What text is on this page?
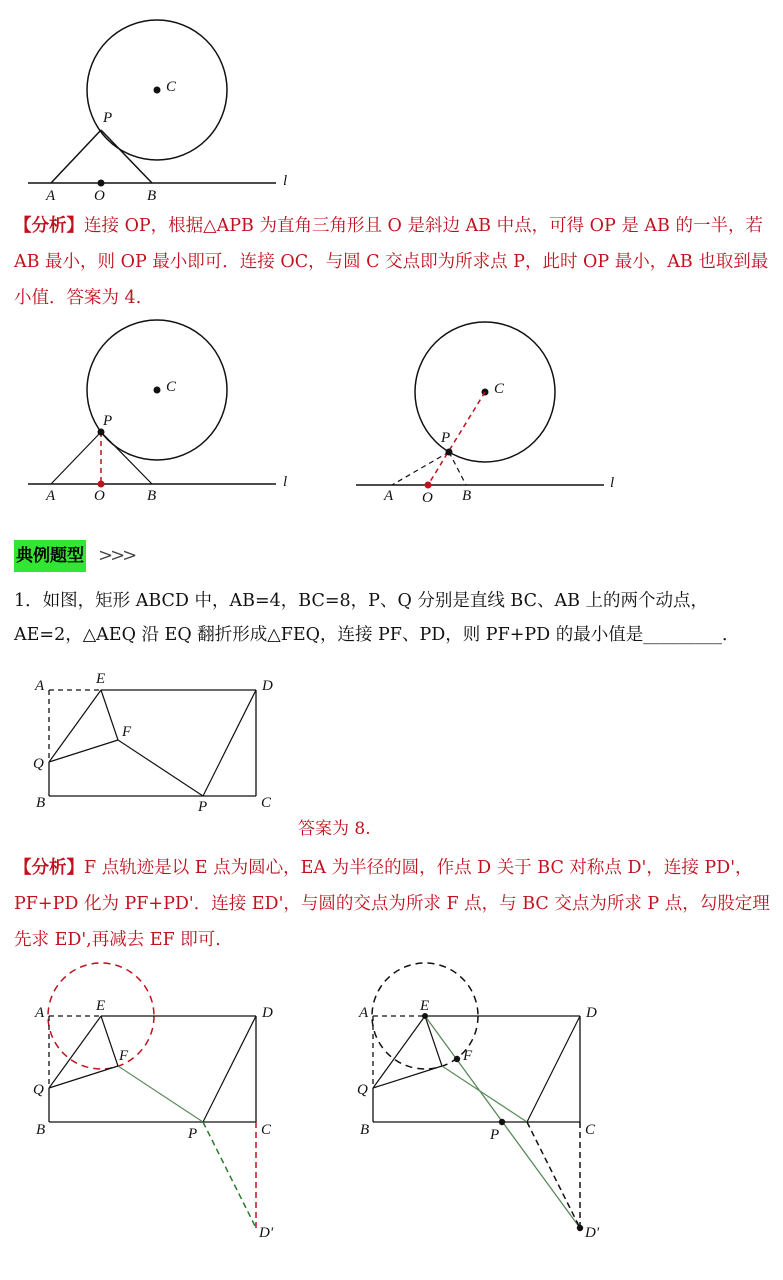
C
P
A	O	B
l
【分析】连接 OP，根据△APB 为直角三角形且 O 是斜边 AB 中点，可得 OP 是 AB 的一半，若 AB 最小，则 OP 最小即可．连接 OC，与圆 C 交点即为所求点 P，此时 OP 最小，AB 也取到最小值．答案为 4.
C
P
A	O	B
l
C
P
A O B
l
典例题型 >>>
1．如图，矩形 ABCD 中，AB=4，BC=8，P、Q 分别是直线 BC、AB 上的两个动点，AE=2，△AEQ 沿 EQ 翻折形成△FEQ，连接 PF、PD，则 PF+PD 的最小值是_________．
A	E	D
F
Q
B	P	C
答案为 8.
【分析】F 点轨迹是以 E 点为圆心，EA 为半径的圆，作点 D 关于 BC 对称点 D'，连接 PD'，PF+PD 化为 PF+PD'．连接 ED'，与圆的交点为所求 F 点，与 BC 交点为所求 P 点，勾股定理先求 ED',再减去 EF 即可.
A	E	D
F
Q
B	P	C
D'
A	E	D
F
Q
B	P	C
D'
